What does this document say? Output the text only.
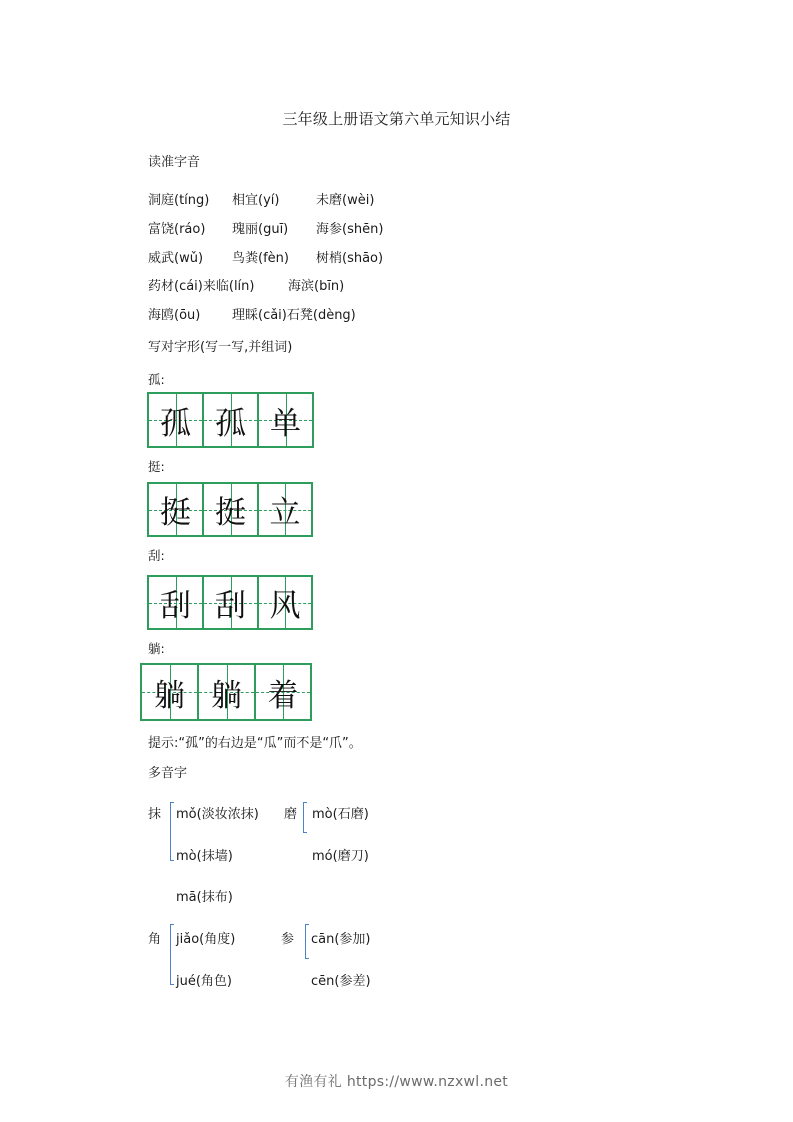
三年级上册语文第六单元知识小结
读准字音
洞庭(tíng) 相宜(yí)	未磨(wèi)
富饶(ráo) 瑰丽(guī) 海参(shēn)
威武(wǔ) 鸟粪(fèn) 树梢(shāo)
药材(cái)来临(lín)	海滨(bīn)
海鸥(ōu) 理睬(cǎi)石凳(dèng)
写对字形(写一写,并组词)
孤:
孤 孤 单
挺:
挺 挺 立
刮:
刮 刮 风
躺:
躺 躺 着
提示:“孤”的右边是“瓜”而不是“爪”。
多音字
抹 mǒ(淡妆浓抹)
mò(抹墙)
mā(抹布)
磨 mò(石磨)
mó(磨刀)
角 jiǎo(角度)
jué(角色)
参 cān(参加)
cēn(参差)
有渔有礼 https://www.nzxwl.net
